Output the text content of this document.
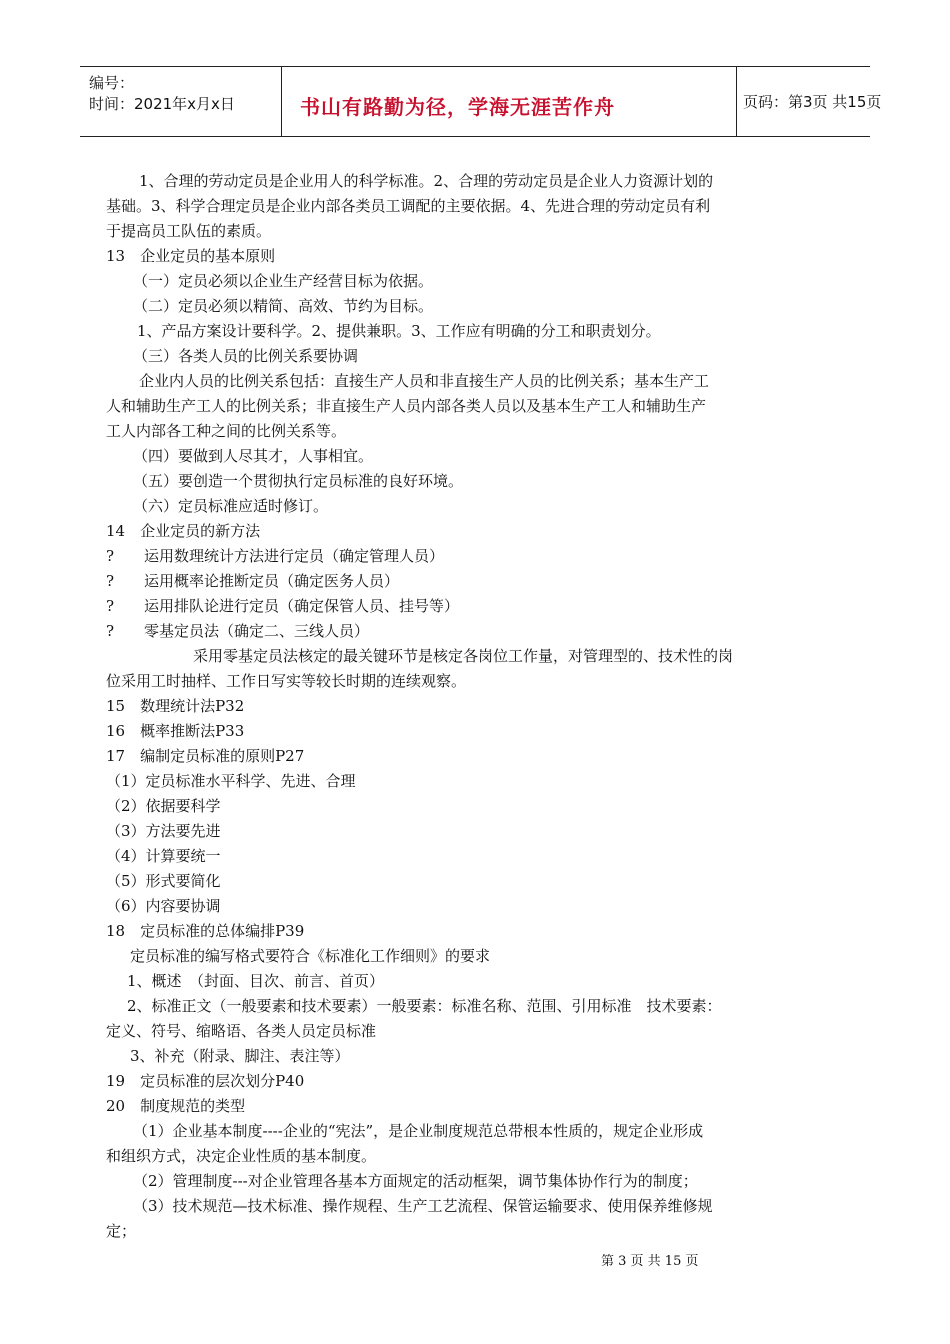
编号：
时间：2021年x月x日	书山有路勤为径，学海无涯苦作舟	页码：第3页 共15页
1、合理的劳动定员是企业用人的科学标准。2、合理的劳动定员是企业人力资源计划的
基础。3、科学合理定员是企业内部各类员工调配的主要依据。4、先进合理的劳动定员有利
于提高员工队伍的素质。
13　企业定员的基本原则
（一）定员必须以企业生产经营目标为依据。
（二）定员必须以精简、高效、节约为目标。
1、产品方案设计要科学。2、提供兼职。3、工作应有明确的分工和职责划分。
（三）各类人员的比例关系要协调
企业内人员的比例关系包括：直接生产人员和非直接生产人员的比例关系；基本生产工
人和辅助生产工人的比例关系；非直接生产人员内部各类人员以及基本生产工人和辅助生产
工人内部各工种之间的比例关系等。
（四）要做到人尽其才，人事相宜。
（五）要创造一个贯彻执行定员标准的良好环境。
（六）定员标准应适时修订。
14　企业定员的新方法
?　　运用数理统计方法进行定员（确定管理人员）
?　　运用概率论推断定员（确定医务人员）
?　　运用排队论进行定员（确定保管人员、挂号等）
?　　零基定员法（确定二、三线人员）
采用零基定员法核定的最关键环节是核定各岗位工作量，对管理型的、技术性的岗
位采用工时抽样、工作日写实等较长时期的连续观察。
15　数理统计法P32
16　概率推断法P33
17　编制定员标准的原则P27
（1）定员标准水平科学、先进、合理
（2）依据要科学
（3）方法要先进
（4）计算要统一
（5）形式要简化
（6）内容要协调
18　定员标准的总体编排P39
定员标准的编写格式要符合《标准化工作细则》的要求
1、概述　（封面、目次、前言、首页）
2、标准正文（一般要素和技术要素）一般要素：标准名称、范围、引用标准　技术要素：
定义、符号、缩略语、各类人员定员标准
3、补充（附录、脚注、表注等）
19　定员标准的层次划分P40
20　制度规范的类型
（1）企业基本制度----企业的“宪法”，是企业制度规范总带根本性质的，规定企业形成
和组织方式，决定企业性质的基本制度。
（2）管理制度---对企业管理各基本方面规定的活动框架，调节集体协作行为的制度；
（3）技术规范—技术标准、操作规程、生产工艺流程、保管运输要求、使用保养维修规
定；
第 3 页 共 15 页
